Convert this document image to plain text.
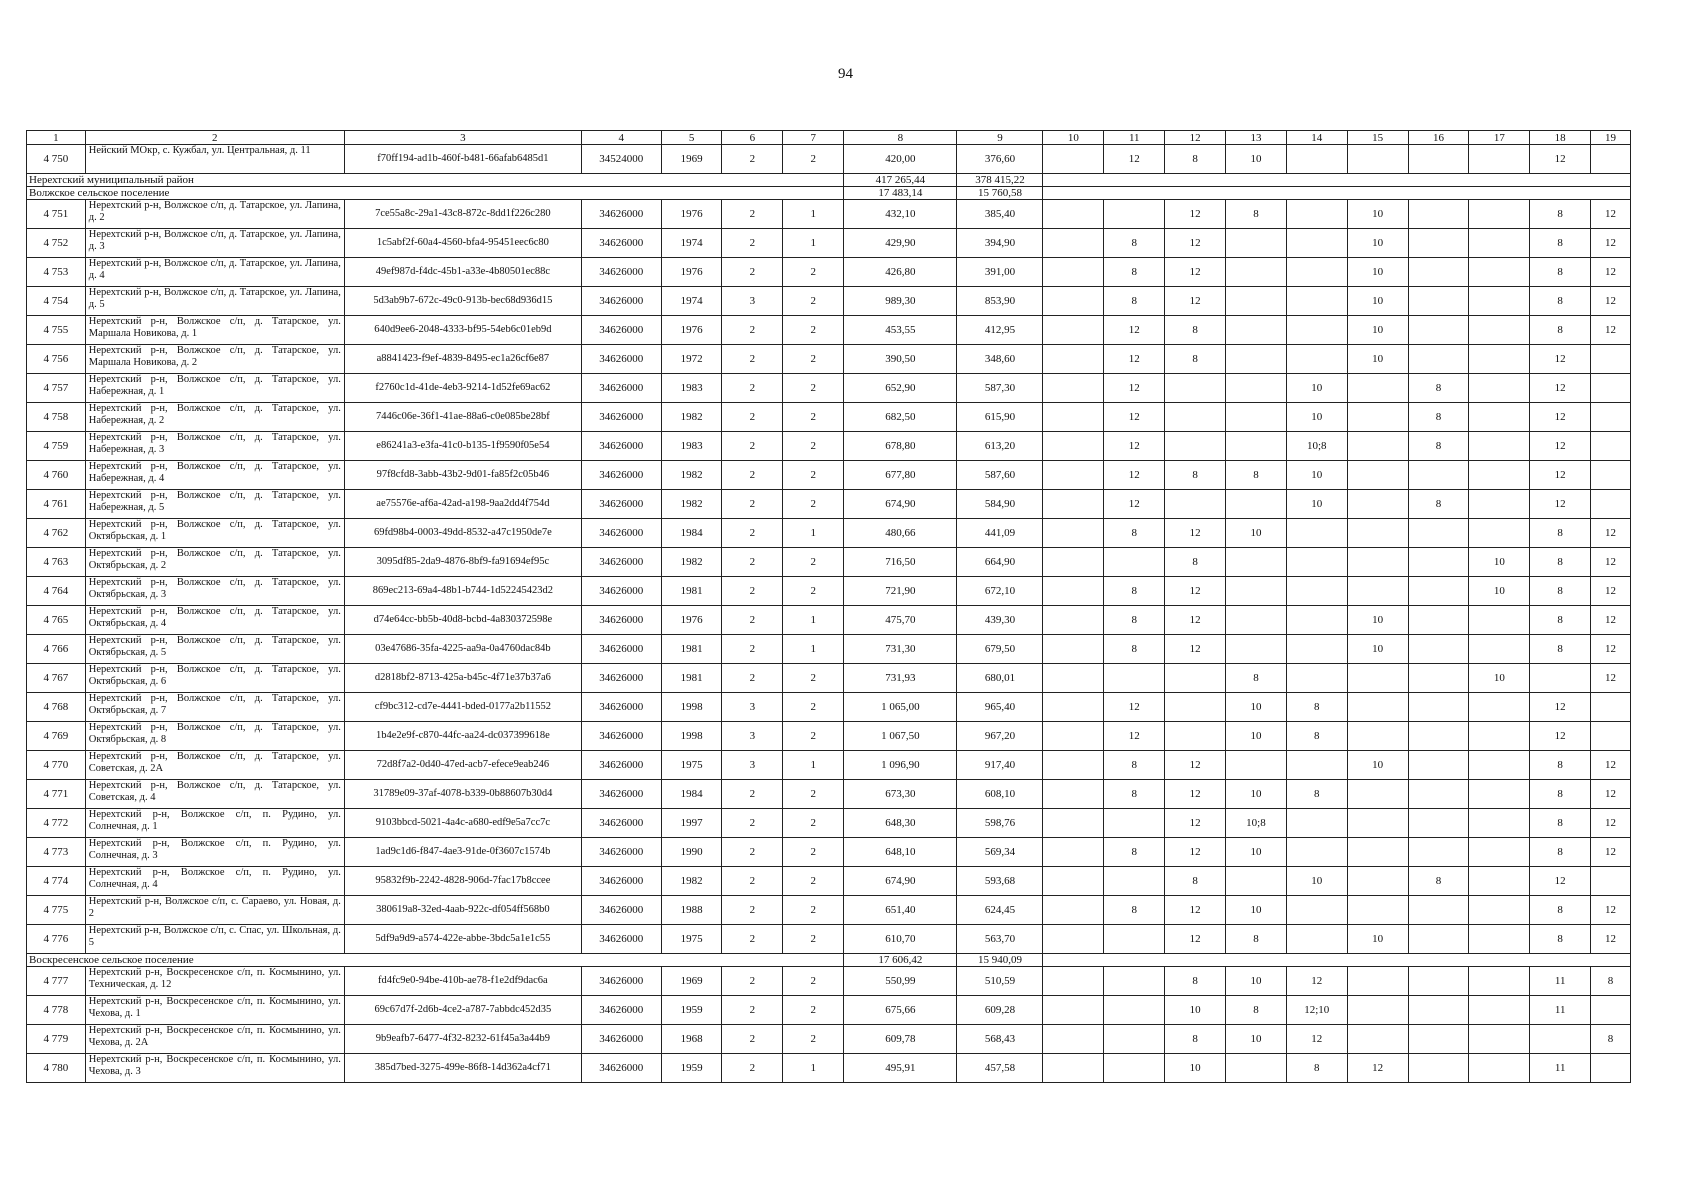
94
1	2	3	4	5	6	7	8	9	10	11	12	13	14	15	16	17	18	19
4 750	Нейский МОкр, с. Кужбал, ул. Центральная, д. 11	f70ff194-ad1b-460f-b481-66afab6485d1	34524000	1969	2	2	420,00	376,60		12	8	10					12	
Нерехтский муниципальный район							417 265,44	378 415,22										
Волжское сельское поселение							17 483,14	15 760,58										
4 751	Нерехтский р-н, Волжское с/п, д. Татарское, ул. Лапина, д. 2	7ce55a8c-29a1-43c8-872c-8dd1f226c280	34626000	1976	2	1	432,10	385,40			12	8		10			8	12
4 752	Нерехтский р-н, Волжское с/п, д. Татарское, ул. Лапина, д. 3	1c5abf2f-60a4-4560-bfa4-95451eec6c80	34626000	1974	2	1	429,90	394,90		8	12			10			8	12
4 753	Нерехтский р-н, Волжское с/п, д. Татарское, ул. Лапина, д. 4	49ef987d-f4dc-45b1-a33e-4b80501ec88c	34626000	1976	2	2	426,80	391,00		8	12			10			8	12
4 754	Нерехтский р-н, Волжское с/п, д. Татарское, ул. Лапина, д. 5	5d3ab9b7-672c-49c0-913b-bec68d936d15	34626000	1974	3	2	989,30	853,90		8	12			10			8	12
4 755	Нерехтский р-н, Волжское с/п, д. Татарское, ул. Маршала Новикова, д. 1	640d9ee6-2048-4333-bf95-54eb6c01eb9d	34626000	1976	2	2	453,55	412,95		12	8			10			8	12
4 756	Нерехтский р-н, Волжское с/п, д. Татарское, ул. Маршала Новикова, д. 2	a8841423-f9ef-4839-8495-ec1a26cf6e87	34626000	1972	2	2	390,50	348,60		12	8			10			12	
4 757	Нерехтский р-н, Волжское с/п, д. Татарское, ул. Набережная, д. 1	f2760c1d-41de-4eb3-9214-1d52fe69ac62	34626000	1983	2	2	652,90	587,30		12			10		8		12	
4 758	Нерехтский р-н, Волжское с/п, д. Татарское, ул. Набережная, д. 2	7446c06e-36f1-41ae-88a6-c0e085be28bf	34626000	1982	2	2	682,50	615,90		12			10		8		12	
4 759	Нерехтский р-н, Волжское с/п, д. Татарское, ул. Набережная, д. 3	e86241a3-e3fa-41c0-b135-1f9590f05e54	34626000	1983	2	2	678,80	613,20		12			10;8		8		12	
4 760	Нерехтский р-н, Волжское с/п, д. Татарское, ул. Набережная, д. 4	97f8cfd8-3abb-43b2-9d01-fa85f2c05b46	34626000	1982	2	2	677,80	587,60		12	8	8	10				12	
4 761	Нерехтский р-н, Волжское с/п, д. Татарское, ул. Набережная, д. 5	ae75576e-af6a-42ad-a198-9aa2dd4f754d	34626000	1982	2	2	674,90	584,90		12			10		8		12	
4 762	Нерехтский р-н, Волжское с/п, д. Татарское, ул. Октябрьская, д. 1	69fd98b4-0003-49dd-8532-a47c1950de7e	34626000	1984	2	1	480,66	441,09		8	12	10					8	12
4 763	Нерехтский р-н, Волжское с/п, д. Татарское, ул. Октябрьская, д. 2	3095df85-2da9-4876-8bf9-fa91694ef95c	34626000	1982	2	2	716,50	664,90			8					10	8	12
4 764	Нерехтский р-н, Волжское с/п, д. Татарское, ул. Октябрьская, д. 3	869ec213-69a4-48b1-b744-1d52245423d2	34626000	1981	2	2	721,90	672,10		8	12					10	8	12
4 765	Нерехтский р-н, Волжское с/п, д. Татарское, ул. Октябрьская, д. 4	d74e64cc-bb5b-40d8-bcbd-4a830372598e	34626000	1976	2	1	475,70	439,30		8	12			10			8	12
4 766	Нерехтский р-н, Волжское с/п, д. Татарское, ул. Октябрьская, д. 5	03e47686-35fa-4225-aa9a-0a4760dac84b	34626000	1981	2	1	731,30	679,50		8	12			10			8	12
4 767	Нерехтский р-н, Волжское с/п, д. Татарское, ул. Октябрьская, д. 6	d2818bf2-8713-425a-b45c-4f71e37b37a6	34626000	1981	2	2	731,93	680,01				8				10		12
4 768	Нерехтский р-н, Волжское с/п, д. Татарское, ул. Октябрьская, д. 7	cf9bc312-cd7e-4441-bded-0177a2b11552	34626000	1998	3	2	1 065,00	965,40		12		10	8				12	
4 769	Нерехтский р-н, Волжское с/п, д. Татарское, ул. Октябрьская, д. 8	1b4e2e9f-c870-44fc-aa24-dc037399618e	34626000	1998	3	2	1 067,50	967,20		12		10	8				12	
4 770	Нерехтский р-н, Волжское с/п, д. Татарское, ул. Советская, д. 2А	72d8f7a2-0d40-47ed-acb7-efece9eab246	34626000	1975	3	1	1 096,90	917,40		8	12			10			8	12
4 771	Нерехтский р-н, Волжское с/п, д. Татарское, ул. Советская, д. 4	31789e09-37af-4078-b339-0b88607b30d4	34626000	1984	2	2	673,30	608,10		8	12	10	8				8	12
4 772	Нерехтский р-н, Волжское с/п, п. Рудино, ул. Солнечная, д. 1	9103bbcd-5021-4a4c-a680-edf9e5a7cc7c	34626000	1997	2	2	648,30	598,76			12	10;8					8	12
4 773	Нерехтский р-н, Волжское с/п, п. Рудино, ул. Солнечная, д. 3	1ad9c1d6-f847-4ae3-91de-0f3607c1574b	34626000	1990	2	2	648,10	569,34		8	12	10					8	12
4 774	Нерехтский р-н, Волжское с/п, п. Рудино, ул. Солнечная, д. 4	95832f9b-2242-4828-906d-7fac17b8ccee	34626000	1982	2	2	674,90	593,68			8		10		8		12	
4 775	Нерехтский р-н, Волжское с/п, с. Сараево, ул. Новая, д. 2	380619a8-32ed-4aab-922c-df054ff568b0	34626000	1988	2	2	651,40	624,45		8	12	10					8	12
4 776	Нерехтский р-н, Волжское с/п, с. Спас, ул. Школьная, д. 5	5df9a9d9-a574-422e-abbe-3bdc5a1e1c55	34626000	1975	2	2	610,70	563,70			12	8		10			8	12
Воскресенское сельское поселение							17 606,42	15 940,09										
4 777	Нерехтский р-н, Воскресенское с/п, п. Космынино, ул. Техническая, д. 12	fd4fc9e0-94be-410b-ae78-f1e2df9dac6a	34626000	1969	2	2	550,99	510,59			8	10	12				11	8
4 778	Нерехтский р-н, Воскресенское с/п, п. Космынино, ул. Чехова, д. 1	69c67d7f-2d6b-4ce2-a787-7abbdc452d35	34626000	1959	2	2	675,66	609,28			10	8	12;10				11	
4 779	Нерехтский р-н, Воскресенское с/п, п. Космынино, ул. Чехова, д. 2А	9b9eafb7-6477-4f32-8232-61f45a3a44b9	34626000	1968	2	2	609,78	568,43			8	10	12					8
4 780	Нерехтский р-н, Воскресенское с/п, п. Космынино, ул. Чехова, д. 3	385d7bed-3275-499e-86f8-14d362a4cf71	34626000	1959	2	1	495,91	457,58			10		8	12			11	
